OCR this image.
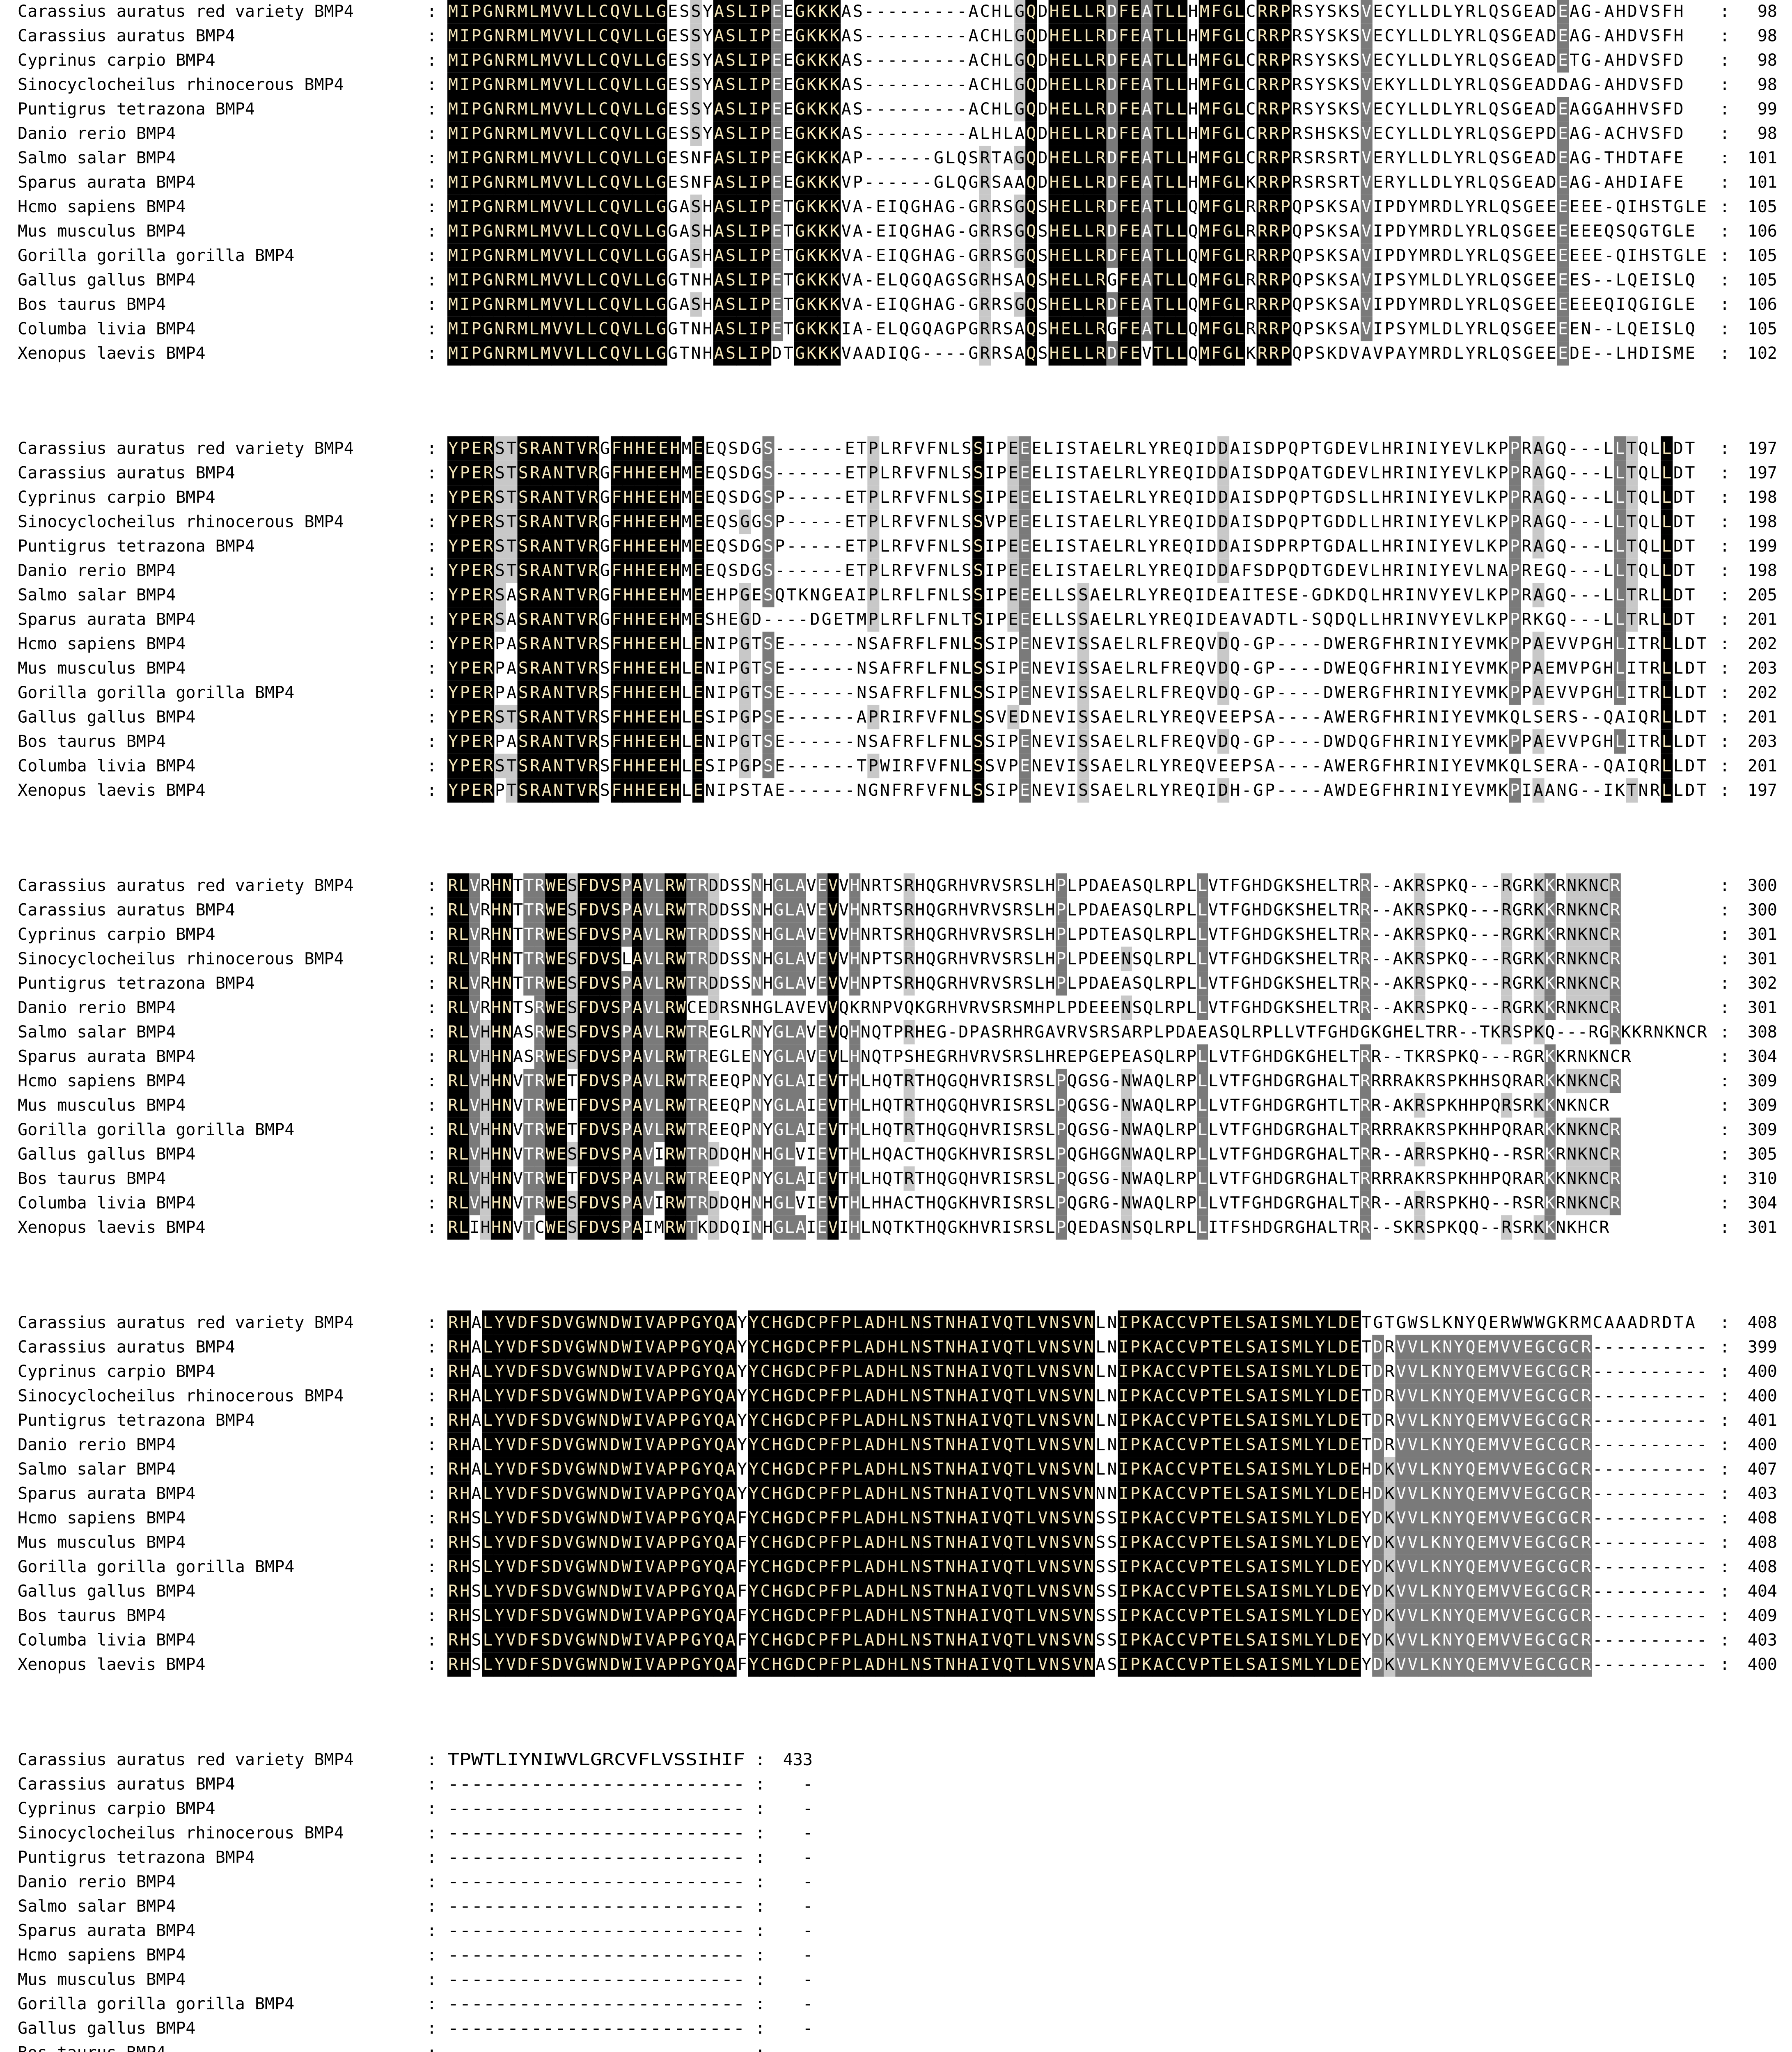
Carassius auratus red variety BMP4	: M I P G N R M L M V V L L C Q V L L G E S S Y A S L I P E E G K K K A S - - - - - - - - - A C H L G Q D H E L L R D F E A T L L H M F G L C R R P R S Y S K S V E C Y L L D L Y R L Q S G E A D E A G - A H D V S F H : 98
Carassius auratus BMP4	: M I P G N R M L M V V L L C Q V L L G E S S Y A S L I P E E G K K K A S - - - - - - - - - A C H L G Q D H E L L R D F E A T L L H M F G L C R R P R S Y S K S V E C Y L L D L Y R L Q S G E A D E A G - A H D V S F H : 98
Cyprinus carpio BMP4	: M I P G N R M L M V V L L C Q V L L G E S S Y A S L I P E E G K K K A S - - - - - - - - - A C H L G Q D H E L L R D F E A T L L H M F G L C R R P R S Y S K S V E C Y L L D L Y R L Q S G E A D E T G - A H D V S F D : 98
Sinocyclocheilus rhinocerous BMP4	: M I P G N R M L M V V L L C Q V L L G E S S Y A S L I P E E G K K K A S - - - - - - - - - A C H L G Q D H E L L R D F E A T L L H M F G L C R R P R S Y S K S V E K Y L L D L Y R L Q S G E A D D A G - A H D V S F D : 98
Puntigrus tetrazona BMP4	: M I P G N R M L M V V L L C Q V L L G E S S Y A S L I P E E G K K K A S - - - - - - - - - A C H L G Q D H E L L R D F E A T L L H M F G L C R R P R S Y S K S V E C Y L L D L Y R L Q S G E A D E A G G A H H V S F D : 99
Danio rerio BMP4	: M I P G N R M L M V V L L C Q V L L G E S S Y A S L I P E E G K K K A S - - - - - - - - - A L H L A Q D H E L L R D F E A T L L H M F G L C R R P R S H S K S V E C Y L L D L Y R L Q S G E P D E A G - A C H V S F D : 98
Salmo salar BMP4	: M I P G N R M L M V V L L C Q V L L G E S N F A S L I P E E G K K K A P - - - - - - G L Q S R T A G Q D H E L L R D F E A T L L H M F G L C R R P R S R S R T V E R Y L L D L Y R L Q S G E A D E A G - T H D T A F E : 101
Sparus aurata BMP4	: M I P G N R M L M V V L L C Q V L L G E S N F A S L I P E E G K K K V P - - - - - - G L Q G R S A A Q D H E L L R D F E A T L L H M F G L K R R P R S R S R T V E R Y L L D L Y R L Q S G E A D E A G - A H D I A F E : 101
Hcmo sapiens BMP4	: M I P G N R M L M V V L L C Q V L L G G A S H A S L I P E T G K K K V A - E I Q G H A G - G R R S G Q S H E L L R D F E A T L L Q M F G L R R R P Q P S K S A V I P D Y M R D L Y R L Q S G E E E E E E - Q I H S T G L E : 105
Mus musculus BMP4	: M I P G N R M L M V V L L C Q V L L G G A S H A S L I P E T G K K K V A - E I Q G H A G - G R R S G Q S H E L L R D F E A T L L Q M F G L R R R P Q P S K S A V I P D Y M R D L Y R L Q S G E E E E E E Q S Q G T G L E : 106
Gorilla gorilla gorilla BMP4	: M I P G N R M L M V V L L C Q V L L G G A S H A S L I P E T G K K K V A - E I Q G H A G - G R R S G Q S H E L L R D F E A T L L Q M F G L R R R P Q P S K S A V I P D Y M R D L Y R L Q S G E E E E E E - Q I H S T G L E : 105
Gallus gallus BMP4	: M I P G N R M L M V V L L C Q V L L G G T N H A S L I P E T G K K K V A - E L Q G Q A G S G R H S A Q S H E L L R G F E A T L L Q M F G L R R R P Q P S K S A V I P S Y M L D L Y R L Q S G E E E E S - - L Q E I S L Q : 105
Bos taurus BMP4	: M I P G N R M L M V V L L C Q V L L G G A S H A S L I P E T G K K K V A - E I Q G H A G - G R R S G Q S H E L L R D F E A T L L Q M F G L R R R P Q P S K S A V I P D Y M R D L Y R L Q S G E E E E E E Q I Q G I G L E : 106
Columba livia BMP4	: M I P G N R M L M V V L L C Q V L L G G T N H A S L I P E T G K K K I A - E L Q G Q A G P G R R S A Q S H E L L R G F E A T L L Q M F G L R R R P Q P S K S A V I P S Y M L D L Y R L Q S G E E E E N - - L Q E I S L Q : 105
Xenopus laevis BMP4	: M I P G N R M L M V V L L C Q V L L G G T N H A S L I P D T G K K K V A A D I Q G - - - - G R R S A Q S H E L L R D F E V T L L Q M F G L K R R P Q P S K D V A V P A Y M R D L Y R L Q S G E E E D E - - L H D I S M E : 102
Carassius auratus red variety BMP4	: Y P E R S T S R A N T V R G F H H E E H M E E Q S D G S - - - - - - E T P L R F V F N L S S I P E E E L I S T A E L R L Y R E Q I D D A I S D P Q P T G D E V L H R I N I Y E V L K P P R A G Q - - - L L T Q L L D T : 197
Carassius auratus BMP4	: Y P E R S T S R A N T V R G F H H E E H M E E Q S D G S - - - - - - E T P L R F V F N L S S I P E E E L I S T A E L R L Y R E Q I D D A I S D P Q A T G D E V L H R I N I Y E V L K P P R A G Q - - - L L T Q L L D T : 197
Cyprinus carpio BMP4	: Y P E R S T S R A N T V R G F H H E E H M E E Q S D G S P - - - - - E T P L R F V F N L S S I P E E E L I S T A E L R L Y R E Q I D D A I S D P Q P T G D S L L H R I N I Y E V L K P P R A G Q - - - L L T Q L L D T : 198
Sinocyclocheilus rhinocerous BMP4	: Y P E R S T S R A N T V R G F H H E E H M E E Q S G G S P - - - - - E T P L R F V F N L S S V P E E E L I S T A E L R L Y R E Q I D D A I S D P Q P T G D D L L H R I N I Y E V L K P P R A G Q - - - L L T Q L L D T : 198
Puntigrus tetrazona BMP4	: Y P E R S T S R A N T V R G F H H E E H M E E Q S D G S P - - - - - E T P L R F V F N L S S I P E E E L I S T A E L R L Y R E Q I D D A I S D P R P T G D A L L H R I N I Y E V L K P P R A G Q - - - L L T Q L L D T : 199
Danio rerio BMP4	: Y P E R S T S R A N T V R G F H H E E H M E E Q S D G S - - - - - - E T P L R F V F N L S S I P E E E L I S T A E L R L Y R E Q I D D A F S D P Q D T G D E V L H R I N I Y E V L N A P R E G Q - - - L L T Q L L D T : 198
Salmo salar BMP4	: Y P E R S A S R A N T V R G F H H E E H M E E H P G E S Q T K N G E A I P L R F L F N L S S I P E E E L L S S A E L R L Y R E Q I D E A I T E S E - G D K D Q L H R I N V Y E V L K P P R A G Q - - - L L T R L L D T : 205
Sparus aurata BMP4	: Y P E R S A S R A N T V R G F H H E E H M E S H E G D - - - - D G E T M P L R F L F N L T S I P E E E L L S S A E L R L Y R E Q I D E A V A D T L - S Q D Q L L H R I N V Y E V L K P P R K G Q - - - L L T R L L D T : 201
Hcmo sapiens BMP4	: Y P E R P A S R A N T V R S F H H E E H L E N I P G T S E - - - - - - N S A F R F L F N L S S I P E N E V I S S A E L R L F R E Q V D Q - G P - - - - D W E R G F H R I N I Y E V M K P P A E V V P G H L I T R L L D T : 202
Mus musculus BMP4	: Y P E R P A S R A N T V R S F H H E E H L E N I P G T S E - - - - - - N S A F R F L F N L S S I P E N E V I S S A E L R L F R E Q V D Q - G P - - - - D W E Q G F H R I N I Y E V M K P P A E M V P G H L I T R L L D T : 203
Gorilla gorilla gorilla BMP4	: Y P E R P A S R A N T V R S F H H E E H L E N I P G T S E - - - - - - N S A F R F L F N L S S I P E N E V I S S A E L R L F R E Q V D Q - G P - - - - D W E R G F H R I N I Y E V M K P P A E V V P G H L I T R L L D T : 202
Gallus gallus BMP4	: Y P E R S T S R A N T V R S F H H E E H L E S I P G P S E - - - - - - A P R I R F V F N L S S V E D N E V I S S A E L R L Y R E Q V E E P S A - - - - A W E R G F H R I N I Y E V M K Q L S E R S - - Q A I Q R L L D T : 201
Bos taurus BMP4	: Y P E R P A S R A N T V R S F H H E E H L E N I P G T S E - - - - - - N S A F R F L F N L S S I P E N E V I S S A E L R L F R E Q V D Q - G P - - - - D W D Q G F H R I N I Y E V M K P P A E V V P G H L I T R L L D T : 203
Columba livia BMP4	: Y P E R S T S R A N T V R S F H H E E H L E S I P G P S E - - - - - - T P W I R F V F N L S S V P E N E V I S S A E L R L Y R E Q V E E P S A - - - - A W E R G F H R I N I Y E V M K Q L S E R A - - Q A I Q R L L D T : 201
Xenopus laevis BMP4	: Y P E R P T S R A N T V R S F H H E E H L E N I P S T A E - - - - - - N G N F R F V F N L S S I P E N E V I S S A E L R L Y R E Q I D H - G P - - - - A W D E G F H R I N I Y E V M K P I A A N G - - I K T N R L L D T : 197
Carassius auratus red variety BMP4	: RLVRHNTTRWESFDVSPAVLRWTRDDSSNHGLAVEVVHNRTSRHQGRHVRVSRSLHPLPDAEASQLRPLLVTFGHDGKSHELTRR--AKRSPKQ---RGRKKRNKNCR	: 300
Carassius auratus BMP4	: RLVRHNTTRWESFDVSPAVLRWTRDDSSNHGLAVEVVHNRTSRHQGRHVRVSRSLHPLPDAEASQLRPLLVTFGHDGKSHELTRR--AKRSPKQ---RGRKKRNKNCR	: 300
Cyprinus carpio BMP4	: RLVRHNTTRWESFDVSPAVLRWTRDDSSNHGLAVEVVHNRTSRHQGRHVRVSRSLHPLPDTEASQLRPLLVTFGHDGKSHELTRR--AKRSPKQ---RGRKKRNKNCR	: 301
Sinocyclocheilus rhinocerous BMP4	: RLVRHNTTRWESFDVSLAVLRWTRDDSSNHGLAVEVVHNPTSRHQGRHVRVSRSLHPLPDEENSQLRPLLVTFGHDGKSHELTRR--AKRSPKQ---RGRKKRNKNCR	: 301
Puntigrus tetrazona BMP4	: RLVRHNTTRWESFDVSPAVLRWTRDDSSNHGLAVEVVHNPTSRHQGRHVRVSRSLHPLPDAEASQLRPLLVTFGHDGKSHELTRR--AKRSPKQ---RGRKKRNKNCR	: 302
Danio rerio BMP4	: RLVRHNTSRWESFDVSPAVLRWCEDRSNHGLAVEVVQKRNPVQKGRHVRVSRSMHPLPDEEENSQLRPLLVTFGHDGKSHELTRR--AKRSPKQ---RGRKKRNKNCR	: 301
Salmo salar BMP4	: RLVHHNASRWESFDVSPAVLRWTREGLRNYGLAVEVQHNQTPRHEG-DPASRHRGAVRVSRSARPLPDAEASQLRPLLVTFGHDGKGHELTRR--TKRSPKQ---RGRKKRNKNCR : 308
Sparus aurata BMP4	: RLVHHNASRWESFDVSPAVLRWTREGLENYGLAVEVLHNQTPSHEGRHVRVSRSLHREPGEPEASQLRPLLVTFGHDGKGHELTRR--TKRSPKQ---RGRKKRNKNCR	: 304
Hcmo sapiens BMP4	: RLVHHNVTRWETFDVSPAVLRWTREEQPNYGLAIEVTHLHQTRTHQGQHVRISRSLPQGSG-NWAQLRPLLVTFGHDGRGHALTRRRRAKRSPKHHSQRARKKNKNCR	: 309
Mus musculus BMP4	: RLVHHNVTRWETFDVSPAVLRWTREEQPNYGLAIEVTHLHQTRTHQGQHVRISRSLPQGSG-NWAQLRPLLVTFGHDGRGHTLTRR-AKRSPKHHPQRSRKKNKNCR	: 309
Gorilla gorilla gorilla BMP4	: RLVHHNVTRWETFDVSPAVLRWTREEQPNYGLAIEVTHLHQTRTHQGQHVRISRSLPQGSG-NWAQLRPLLVTFGHDGRGHALTRRRRAKRSPKHHPQRARKKNKNCR	: 309
Gallus gallus BMP4	: RLVHHNVTRWESFDVSPAVIRWTRDDQHNHGLVIEVTHLHQACTHQGKHVRISRSLPQGHGGNWAQLRPLLVTFGHDGRGHALTRR--ARRSPKHQ--RSRKRNKNCR	: 305
Bos taurus BMP4	: RLVHHNVTRWETFDVSPAVLRWTREEQPNYGLAIEVTHLHQTRTHQGQHVRISRSLPQGSG-NWAQLRPLLVTFGHDGRGHALTRRRRAKRSPKHHPQRARKKNKNCR	: 310
Columba livia BMP4	: RLVHHNVTRWESFDVSPAVIRWTRDDQHNHGLVIEVTHLHHACTHQGKHVRISRSLPQGRG-NWAQLRPLLVTFGHDGRGHALTRR--ARRSPKHQ--RSRKRNKNCR	: 304
Xenopus laevis BMP4	: RLIHHNVTCWESFDVSPAIMRWTKDDQINHGLAIEVIHLNQTKTHQGKHVRISRSLPQEDASNSQLRPLLITFSHDGRGHALTRR--SKRSPKQQ--RSRKKNKHCR	: 301
Carassius auratus red variety BMP4	: R H A L Y V D F S D V G W N D W I V A P P G Y Q A Y Y C H G D C P F P L A D H L N S T N H A I V Q T L V N S V N L N I P K A C C V P T E L S A I S M L Y L D E T G T G W S L K N Y Q E R W W W G K R M C A A A D R D T A : 408
Carassius auratus BMP4	: R H A L Y V D F S D V G W N D W I V A P P G Y Q A Y Y C H G D C P F P L A D H L N S T N H A I V Q T L V N S V N L N I P K A C C V P T E L S A I S M L Y L D E T D R V V L K N Y Q E M V V E G C G C R - - - - - - - - - - : 399
Cyprinus carpio BMP4	: R H A L Y V D F S D V G W N D W I V A P P G Y Q A Y Y C H G D C P F P L A D H L N S T N H A I V Q T L V N S V N L N I P K A C C V P T E L S A I S M L Y L D E T D R V V L K N Y Q E M V V E G C G C R - - - - - - - - - - : 400
Sinocyclocheilus rhinocerous BMP4	: R H A L Y V D F S D V G W N D W I V A P P G Y Q A Y Y C H G D C P F P L A D H L N S T N H A I V Q T L V N S V N L N I P K A C C V P T E L S A I S M L Y L D E T D R V V L K N Y Q E M V V E G C G C R - - - - - - - - - - : 400
Puntigrus tetrazona BMP4	: R H A L Y V D F S D V G W N D W I V A P P G Y Q A Y Y C H G D C P F P L A D H L N S T N H A I V Q T L V N S V N L N I P K A C C V P T E L S A I S M L Y L D E T D R V V L K N Y Q E M V V E G C G C R - - - - - - - - - - : 401
Danio rerio BMP4	: R H A L Y V D F S D V G W N D W I V A P P G Y Q A Y Y C H G D C P F P L A D H L N S T N H A I V Q T L V N S V N L N I P K A C C V P T E L S A I S M L Y L D E T D R V V L K N Y Q E M V V E G C G C R - - - - - - - - - - : 400
Salmo salar BMP4	: R H A L Y V D F S D V G W N D W I V A P P G Y Q A Y Y C H G D C P F P L A D H L N S T N H A I V Q T L V N S V N L N I P K A C C V P T E L S A I S M L Y L D E H D K V V L K N Y Q E M V V E G C G C R - - - - - - - - - - : 407
Sparus aurata BMP4	: R H A L Y V D F S D V G W N D W I V A P P G Y Q A Y Y C H G D C P F P L A D H L N S T N H A I V Q T L V N S V N N N I P K A C C V P T E L S A I S M L Y L D E H D K V V L K N Y Q E M V V E G C G C R - - - - - - - - - - : 403
Hcmo sapiens BMP4	: R H S L Y V D F S D V G W N D W I V A P P G Y Q A F Y C H G D C P F P L A D H L N S T N H A I V Q T L V N S V N S S I P K A C C V P T E L S A I S M L Y L D E Y D K V V L K N Y Q E M V V E G C G C R - - - - - - - - - - : 408
Mus musculus BMP4	: R H S L Y V D F S D V G W N D W I V A P P G Y Q A F Y C H G D C P F P L A D H L N S T N H A I V Q T L V N S V N S S I P K A C C V P T E L S A I S M L Y L D E Y D K V V L K N Y Q E M V V E G C G C R - - - - - - - - - - : 408
Gorilla gorilla gorilla BMP4	: R H S L Y V D F S D V G W N D W I V A P P G Y Q A F Y C H G D C P F P L A D H L N S T N H A I V Q T L V N S V N S S I P K A C C V P T E L S A I S M L Y L D E Y D K V V L K N Y Q E M V V E G C G C R - - - - - - - - - - : 408
Gallus gallus BMP4	: R H S L Y V D F S D V G W N D W I V A P P G Y Q A F Y C H G D C P F P L A D H L N S T N H A I V Q T L V N S V N S S I P K A C C V P T E L S A I S M L Y L D E Y D K V V L K N Y Q E M V V E G C G C R - - - - - - - - - - : 404
Bos taurus BMP4	: R H S L Y V D F S D V G W N D W I V A P P G Y Q A F Y C H G D C P F P L A D H L N S T N H A I V Q T L V N S V N S S I P K A C C V P T E L S A I S M L Y L D E Y D K V V L K N Y Q E M V V E G C G C R - - - - - - - - - - : 409
Columba livia BMP4	: R H S L Y V D F S D V G W N D W I V A P P G Y Q A F Y C H G D C P F P L A D H L N S T N H A I V Q T L V N S V N S S I P K A C C V P T E L S A I S M L Y L D E Y D K V V L K N Y Q E M V V E G C G C R - - - - - - - - - - : 403
Xenopus laevis BMP4	: R H S L Y V D F S D V G W N D W I V A P P G Y Q A F Y C H G D C P F P L A D H L N S T N H A I V Q T L V N S V N A S I P K A C C V P T E L S A I S M L Y L D E Y D K V V L K N Y Q E M V V E G C G C R - - - - - - - - - - : 400
Carassius auratus red variety BMP4	: TPWTLIYNIWVLGRCVFLVSSIHIF : 433
Carassius auratus BMP4	: ------------------------- : -
Cyprinus carpio BMP4	: ------------------------- : -
Sinocyclocheilus rhinocerous BMP4	: ------------------------- : -
Puntigrus tetrazona BMP4	: ------------------------- : -
Danio rerio BMP4	: ------------------------- : -
Salmo salar BMP4	: ------------------------- : -
Sparus aurata BMP4	: ------------------------- : -
Hcmo sapiens BMP4	: ------------------------- : -
Mus musculus BMP4	: ------------------------- : -
Gorilla gorilla gorilla BMP4	: ------------------------- : -
Gallus gallus BMP4	: ------------------------- : -
